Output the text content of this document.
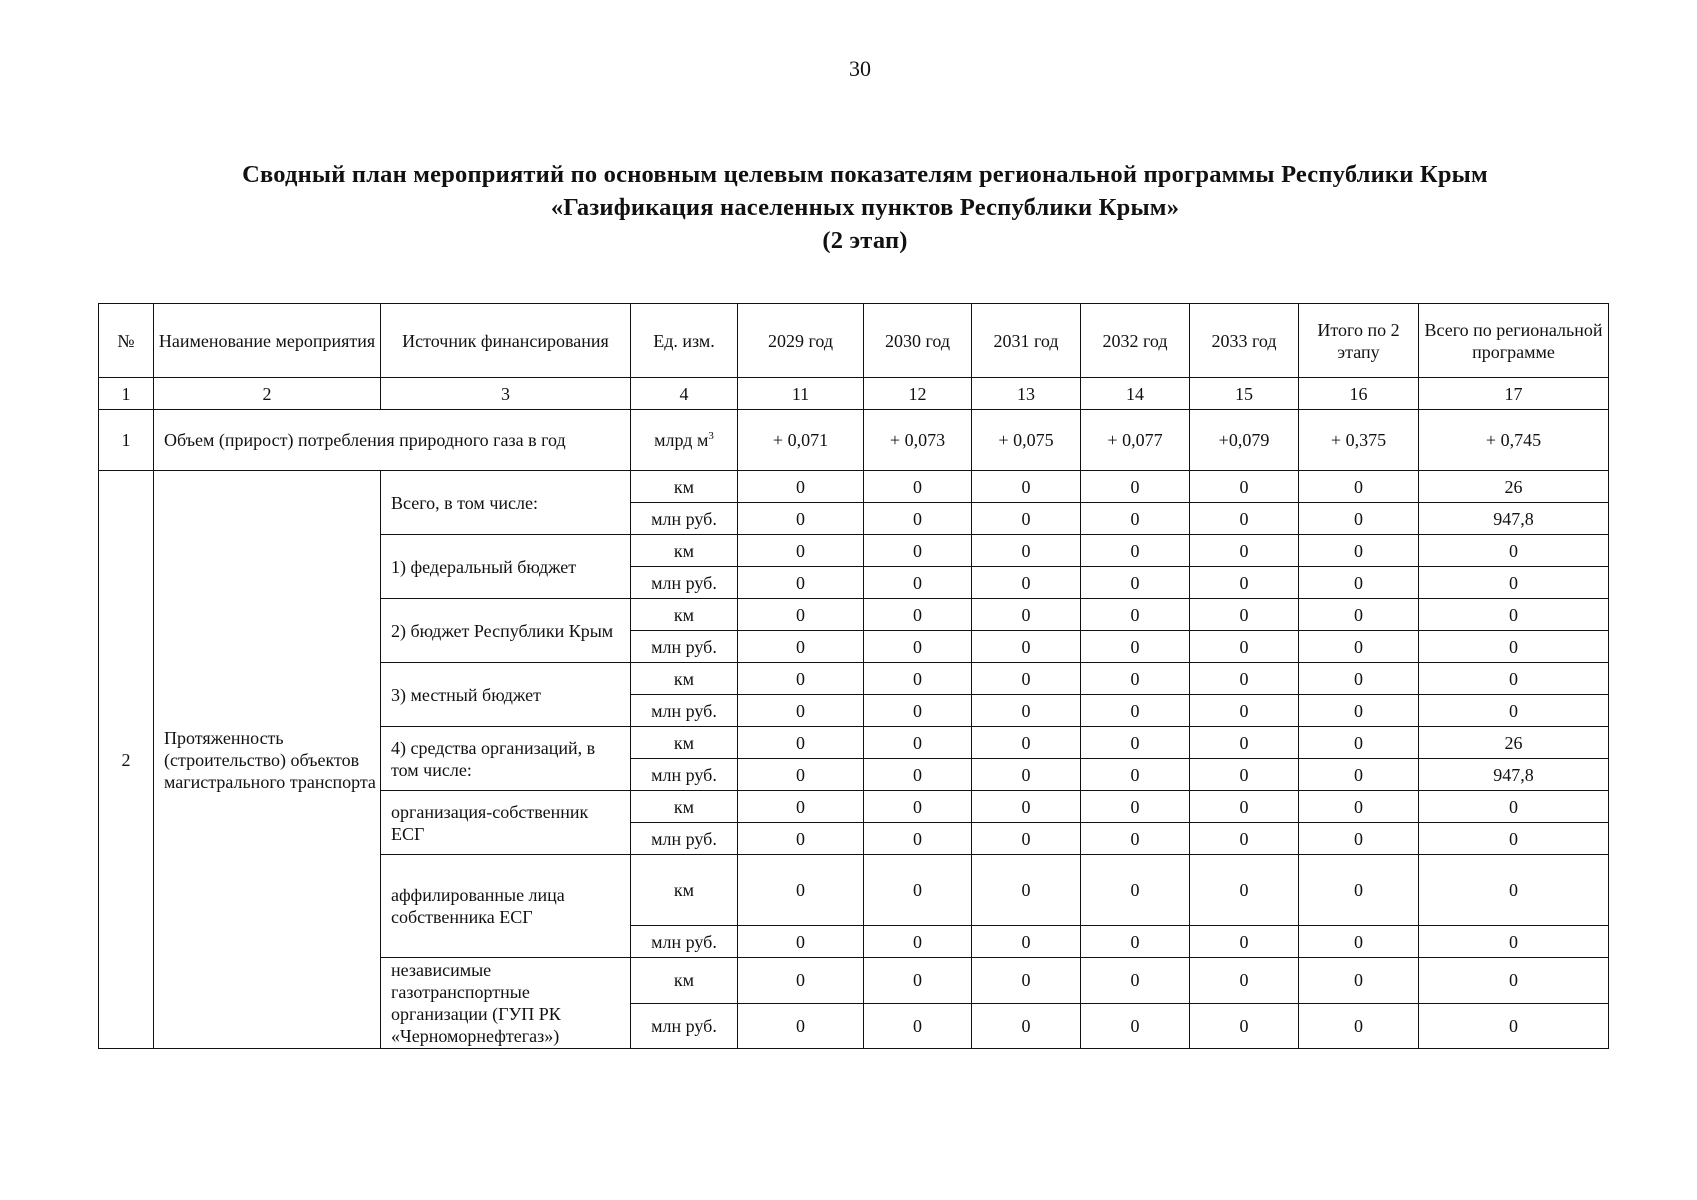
30
Сводный план мероприятий по основным целевым показателям региональной программы Республики Крым
«Газификация населенных пунктов Республики Крым»
(2 этап)
№	Наименование мероприятия	Источник финансирования	Ед. изм.	2029 год	2030 год	2031 год	2032 год	2033 год	Итого по 2 этапу	Всего по региональной программе
1	2	3	4	11	12	13	14	15	16	17
1	Объем (прирост) потребления природного газа в год		млрд $м^3$	+ 0,071	+ 0,073	+ 0,075	+ 0,077	+0,079	+ 0,375	+ 0,745
2	Протяженность (строительство) объектов магистрального транспорта	Всего, в том числе:	км	0	0	0	0	0	0	26
			млн руб.	0	0	0	0	0	0	947,8
		1) федеральный бюджет	км	0	0	0	0	0	0	0
			млн руб.	0	0	0	0	0	0	0
		2) бюджет Республики Крым	км	0	0	0	0	0	0	0
			млн руб.	0	0	0	0	0	0	0
		3) местный бюджет	км	0	0	0	0	0	0	0
			млн руб.	0	0	0	0	0	0	0
		4) средства организаций, в том числе:	км	0	0	0	0	0	0	26
			млн руб.	0	0	0	0	0	0	947,8
		организация-собственник ЕСГ	км	0	0	0	0	0	0	0
			млн руб.	0	0	0	0	0	0	0
		аффилированные лица собственника ЕСГ	км	0	0	0	0	0	0	0
			млн руб.	0	0	0	0	0	0	0
		независимые газотранспортные организации (ГУП РК «Черноморнефтегаз»)	км	0	0	0	0	0	0	0
			млн руб.	0	0	0	0	0	0	0
